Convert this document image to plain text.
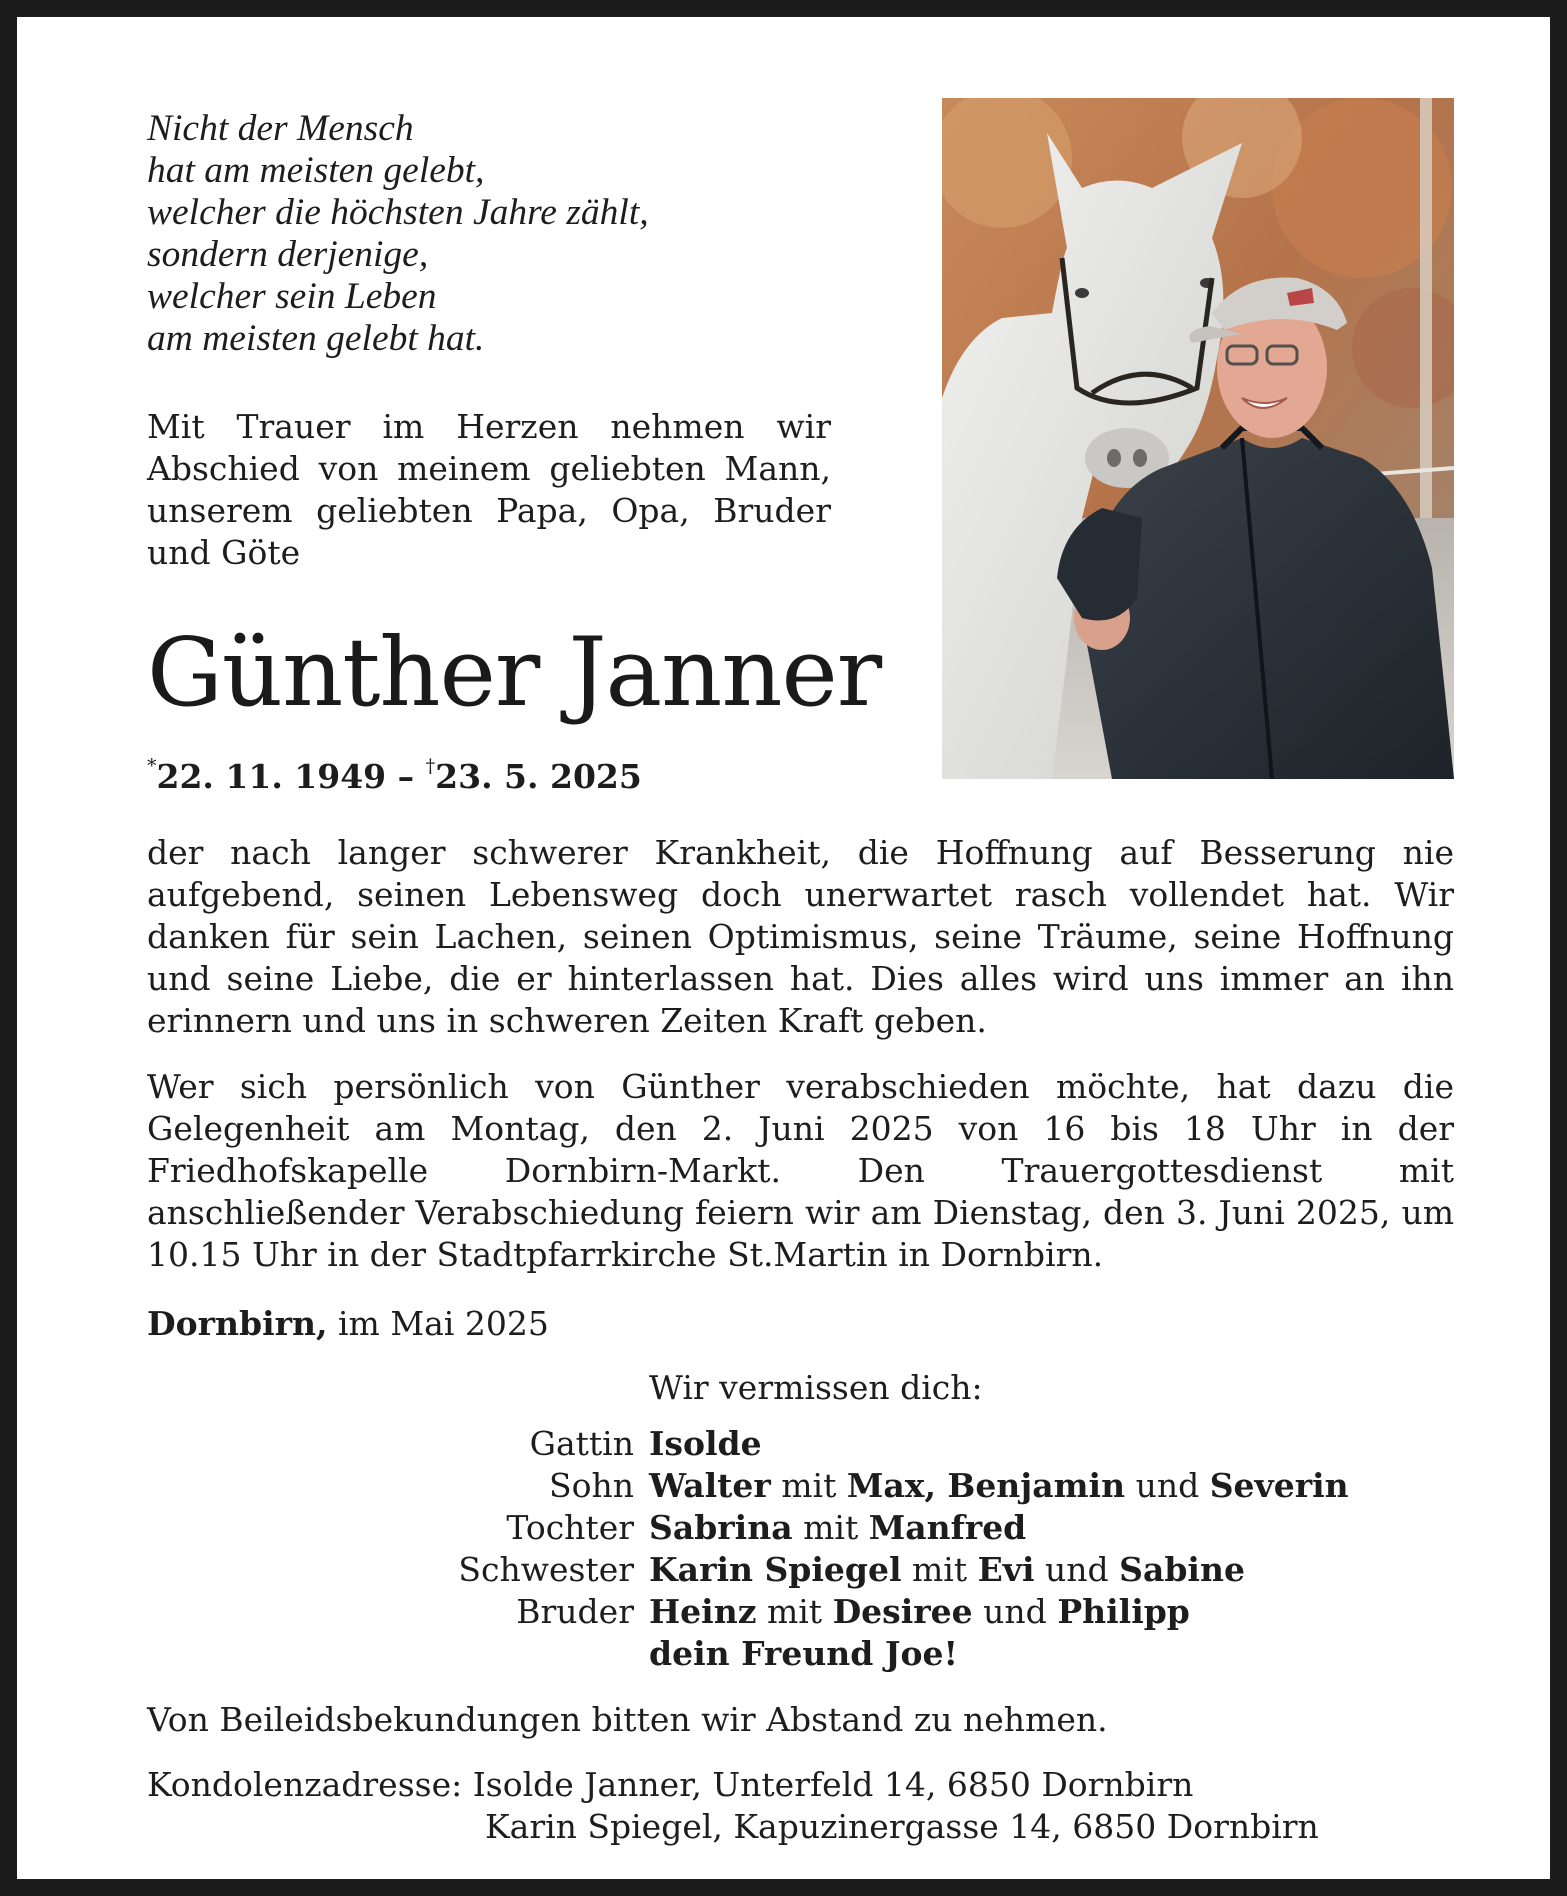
Nicht der Mensch
hat am meisten gelebt,
welcher die höchsten Jahre zählt,
sondern derjenige,
welcher sein Leben
am meisten gelebt hat.
Mit Trauer im Herzen nehmen wir Abschied von meinem geliebten Mann, unserem geliebten Papa, Opa, Bruder und Göte
Günther Janner
*22. 11. 1949 – †23. 5. 2025

der nach langer schwerer Krankheit, die Hoffnung auf Besserung nie aufgebend, seinen Lebensweg doch unerwartet rasch vollendet hat. Wir danken für sein Lachen, seinen Optimismus, seine Träume, seine Hoffnung und seine Liebe, die er hinterlassen hat. Dies alles wird uns immer an ihn erinnern und uns in schweren Zeiten Kraft geben.

Wer sich persönlich von Günther verabschieden möchte, hat dazu die Gelegenheit am Montag, den 2. Juni 2025 von 16 bis 18 Uhr in der Friedhofskapelle Dornbirn-Markt. Den Trauergottesdienst mit anschließender Verabschiedung feiern wir am Dienstag, den 3. Juni 2025, um 10.15 Uhr in der Stadtpfarrkirche St.Martin in Dornbirn.

Dornbirn, im Mai 2025
Wir vermissen dich:
Gattin	Isolde
Sohn	Walter mit Max, Benjamin und Severin
Tochter	Sabrina mit Manfred
Schwester	Karin Spiegel mit Evi und Sabine
Bruder	Heinz mit Desiree und Philipp
	dein Freund Joe!
Von Beileidsbekundungen bitten wir Abstand zu nehmen.
Kondolenzadresse: Isolde Janner, Unterfeld 14, 6850 Dornbirn
Karin Spiegel, Kapuzinergasse 14, 6850 Dornbirn
